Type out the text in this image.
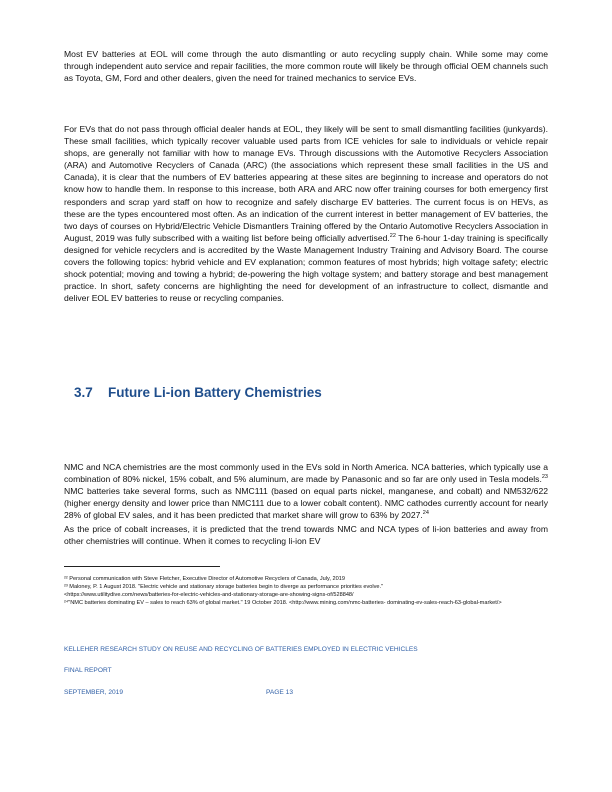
Most EV batteries at EOL will come through the auto dismantling or auto recycling supply chain. While some may come through independent auto service and repair facilities, the more common route will likely be through official OEM channels such as Toyota, GM, Ford and other dealers, given the need for trained mechanics to service EVs.

For EVs that do not pass through official dealer hands at EOL, they likely will be sent to small dismantling facilities (junkyards). These small facilities, which typically recover valuable used parts from ICE vehicles for sale to individuals or vehicle repair shops, are generally not familiar with how to manage EVs. Through discussions with the Automotive Recyclers Association (ARA) and Automotive Recyclers of Canada (ARC) (the associations which represent these small facilities in the US and Canada), it is clear that the numbers of EV batteries appearing at these sites are beginning to increase and operators do not know how to handle them. In response to this increase, both ARA and ARC now offer training courses for both emergency first responders and scrap yard staff on how to recognize and safely discharge EV batteries. The current focus is on HEVs, as these are the types encountered most often. As an indication of the current interest in better management of EV batteries, the two days of courses on Hybrid/Electric Vehicle Dismantlers Training offered by the Ontario Automotive Recyclers Association in August, 2019 was fully subscribed with a waiting list before being officially advertised.$^{22}$ The 6-hour 1-day training is specifically designed for vehicle recyclers and is accredited by the Waste Management Industry Training and Advisory Board. The course covers the following topics: hybrid vehicle and EV explanation; common features of most hybrids; high voltage safety; electric shock potential; moving and towing a hybrid; de-powering the high voltage system; and battery storage and best management practice. In short, safety concerns are highlighting the need for development of an infrastructure to collect, dismantle and deliver EOL EV batteries to reuse or recycling companies.

3.7 Future Li-ion Battery Chemistries

NMC and NCA chemistries are the most commonly used in the EVs sold in North America. NCA batteries, which typically use a combination of 80% nickel, 15% cobalt, and 5% aluminum, are made by Panasonic and so far are only used in Tesla models.$^{23}$ NMC batteries take several forms, such as NMC111 (based on equal parts nickel, manganese, and cobalt) and NM532/622 (higher energy density and lower price than NMC111 due to a lower cobalt content). NMC cathodes currently account for nearly 28% of global EV sales, and it has been predicted that market share will grow to 63% by 2027.24

As the price of cobalt increases, it is predicted that the trend towards NMC and NCA types of li-ion batteries and away from other chemistries will continue. When it comes to recycling li-ion EV

²² Personal communication with Steve Fletcher, Executive Director of Automotive Recyclers of Canada, July, 2019

²³ Maloney, P. 1 August 2018. "Electric vehicle and stationary storage batteries begin to diverge as performance priorities evolve."

<https://www.utilitydive.com/news/batteries-for-electric-vehicles-and-stationary-storage-are-showing-signs-of/528848/

²⁴"NMC batteries dominating EV – sales to reach 63% of global market." 19 October 2018. <http://www.mining.com/nmc-batteries- dominating-ev-sales-reach-63-global-market/>

KELLEHER RESEARCH STUDY ON REUSE AND RECYCLING OF BATTERIES EMPLOYED IN ELECTRIC VEHICLES

FINAL REPORT

SEPTEMBER, 2019	PAGE 13
